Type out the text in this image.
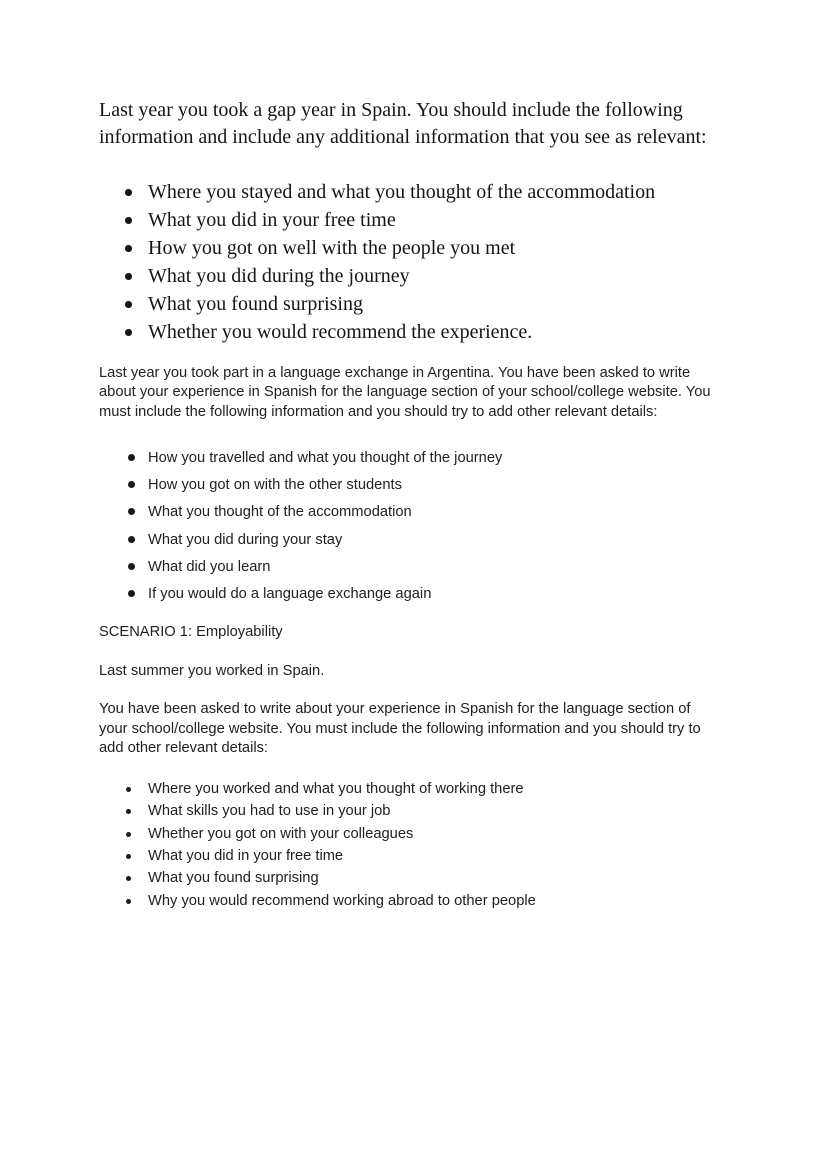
Last year you took a gap year in Spain. You should include the following information and include any additional information that you see as relevant:

Where you stayed and what you thought of the accommodation
What you did in your free time
How you got on well with the people you met
What you did during the journey
What you found surprising
Whether you would recommend the experience.

Last year you took part in a language exchange in Argentina. You have been asked to write about your experience in Spanish for the language section of your school/college website. You must include the following information and you should try to add other relevant details:

How you travelled and what you thought of the journey
How you got on with the other students
What you thought of the accommodation
What you did during your stay
What did you learn
If you would do a language exchange again

SCENARIO 1: Employability

Last summer you worked in Spain.

You have been asked to write about your experience in Spanish for the language section of your school/college website. You must include the following information and you should try to add other relevant details:

Where you worked and what you thought of working there
What skills you had to use in your job
Whether you got on with your colleagues
What you did in your free time
What you found surprising
Why you would recommend working abroad to other people
